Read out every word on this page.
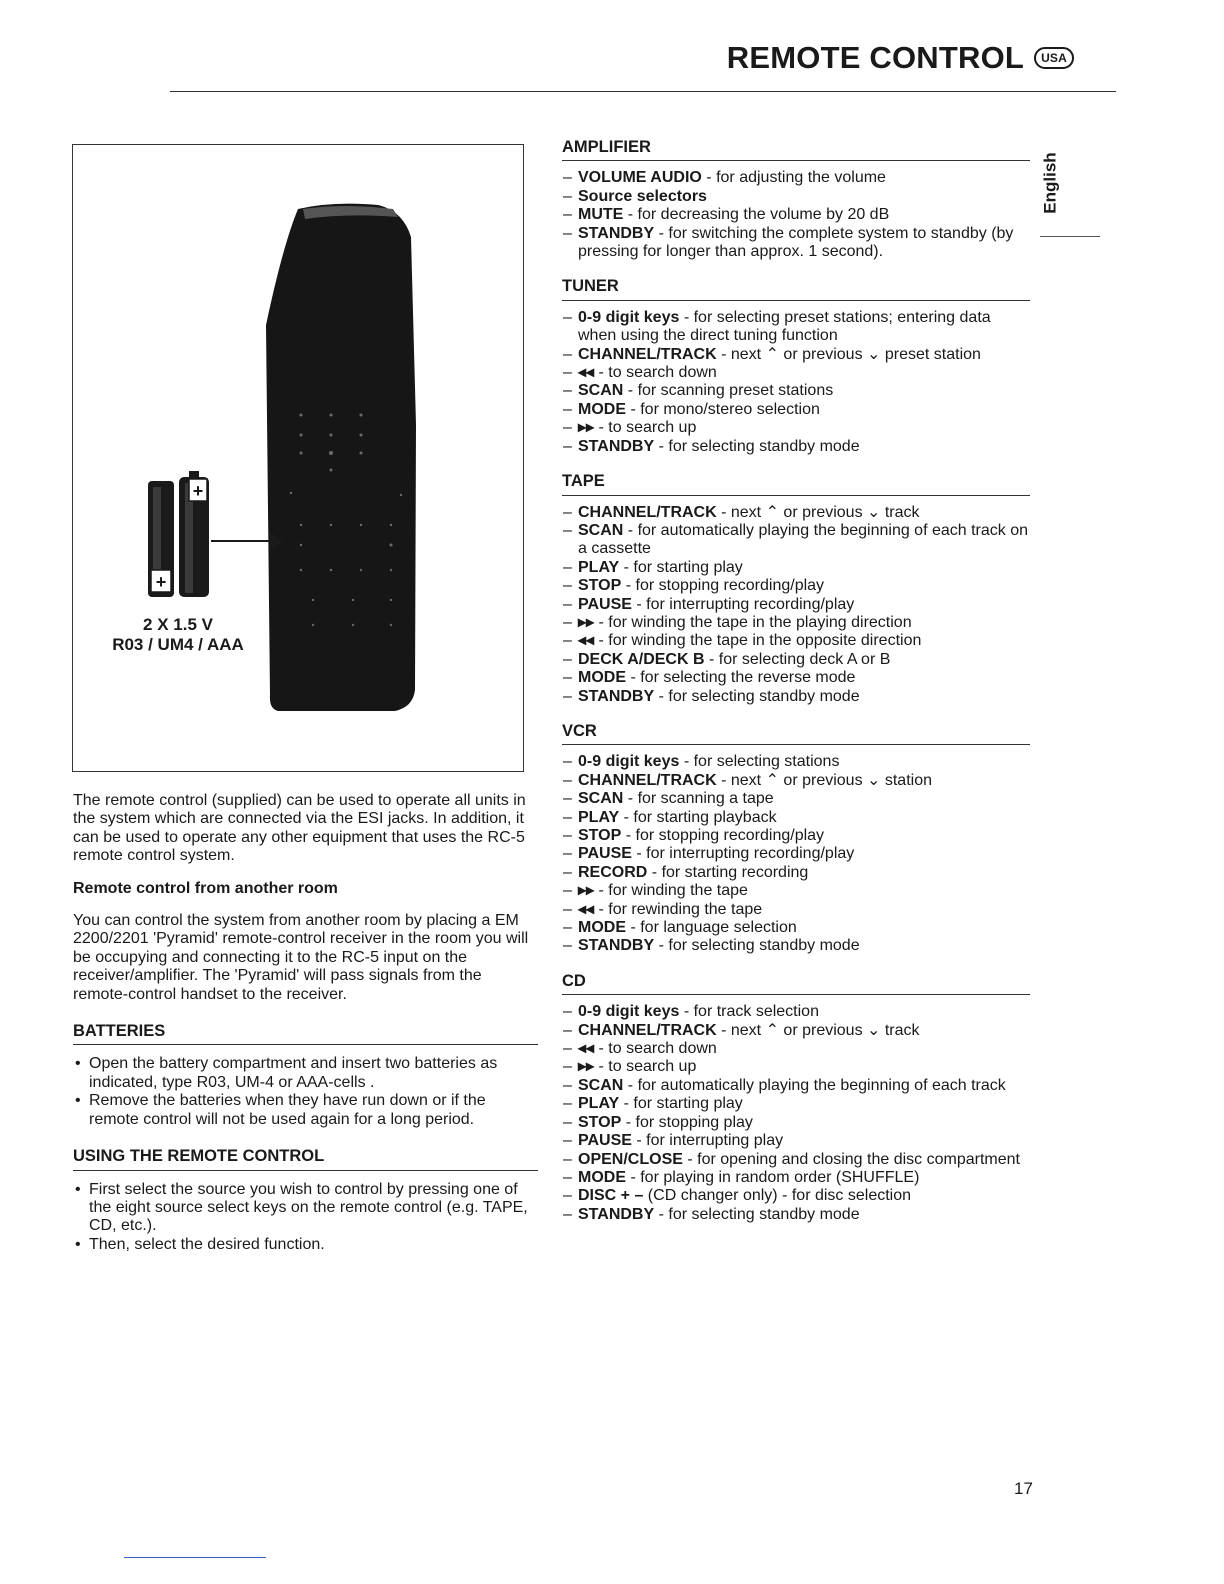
REMOTE CONTROL	USA
English
+
+
2 X 1.5 V
R03 / UM4 / AAA

The remote control (supplied) can be used to operate all units in the system which are connected via the ESI jacks. In addition, it can be used to operate any other equipment that uses the RC-5 remote control system.

Remote control from another room

You can control the system from another room by placing a EM 2200/2201 'Pyramid' remote-control receiver in the room you will be occupying and connecting it to the RC-5 input on the receiver/amplifier. The 'Pyramid' will pass signals from the remote-control handset to the receiver.

BATTERIES
• Open the battery compartment and insert two batteries as indicated, type R03, UM-4 or AAA-cells .
• Remove the batteries when they have run down or if the remote control will not be used again for a long period.
USING THE REMOTE CONTROL
• First select the source you wish to control by pressing one of the eight source select keys on the remote control (e.g. TAPE, CD, etc.).
• Then, select the desired function.
AMPLIFIER
– VOLUME AUDIO - for adjusting the volume
– Source selectors
– MUTE - for decreasing the volume by 20 dB
– STANDBY - for switching the complete system to standby (by pressing for longer than approx. 1 second).
TUNER
– 0-9 digit keys - for selecting preset stations; entering data when using the direct tuning function
– CHANNEL/TRACK - next ⌃ or previous ⌄ preset station
– ◂◂ - to search down
– SCAN - for scanning preset stations
– MODE - for mono/stereo selection
– ▸▸ - to search up
– STANDBY - for selecting standby mode
TAPE
– CHANNEL/TRACK - next ⌃ or previous ⌄ track
– SCAN - for automatically playing the beginning of each track on a cassette
– PLAY - for starting play
– STOP - for stopping recording/play
– PAUSE - for interrupting recording/play
– ▸▸ - for winding the tape in the playing direction
– ◂◂ - for winding the tape in the opposite direction
– DECK A/DECK B - for selecting deck A or B
– MODE - for selecting the reverse mode
– STANDBY - for selecting standby mode
VCR
– 0-9 digit keys - for selecting stations
– CHANNEL/TRACK - next ⌃ or previous ⌄ station
– SCAN - for scanning a tape
– PLAY - for starting playback
– STOP - for stopping recording/play
– PAUSE - for interrupting recording/play
– RECORD - for starting recording
– ▸▸ - for winding the tape
– ◂◂ - for rewinding the tape
– MODE - for language selection
– STANDBY - for selecting standby mode
CD
– 0-9 digit keys - for track selection
– CHANNEL/TRACK - next ⌃ or previous ⌄ track
– ◂◂ - to search down
– ▸▸ - to search up
– SCAN - for automatically playing the beginning of each track
– PLAY - for starting play
– STOP - for stopping play
– PAUSE - for interrupting play
– OPEN/CLOSE - for opening and closing the disc compartment
– MODE - for playing in random order (SHUFFLE)
– DISC + – (CD changer only) - for disc selection
– STANDBY - for selecting standby mode
17
